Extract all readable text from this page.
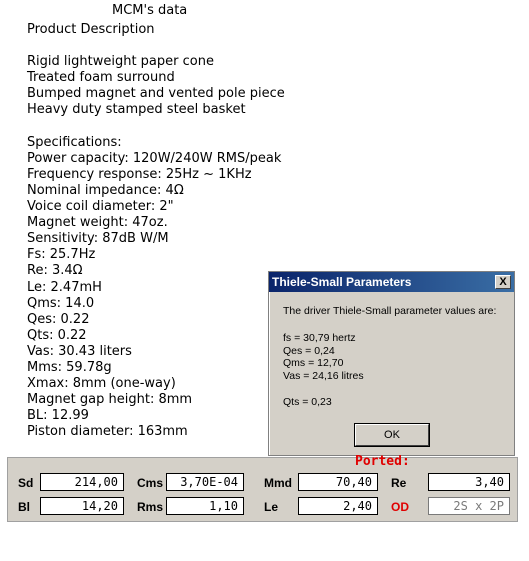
MCM's data
Product Description
Rigid lightweight paper cone
Treated foam surround
Bumped magnet and vented pole piece
Heavy duty stamped steel basket
Specifications:
Power capacity: 120W/240W RMS/peak
Frequency response: 25Hz ~ 1KHz
Nominal impedance: 4Ω
Voice coil diameter: 2"
Magnet weight: 47oz.
Sensitivity: 87dB W/M
Fs: 25.7Hz
Re: 3.4Ω
Le: 2.47mH
Qms: 14.0
Qes: 0.22
Qts: 0.22
Vas: 30.43 liters
Mms: 59.78g
Xmax: 8mm (one-way)
Magnet gap height: 8mm
BL: 12.99
Piston diameter: 163mm
Thiele-Small Parameters	X
The driver Thiele-Small parameter values are:
fs = 30,79 hertz
Qes = 0,24
Qms = 12,70
Vas = 24,16 litres
Qts = 0,23
OK
Ported:
Sd	214,00	Cms	3,70E-04	Mmd	70,40	Re	3,40
Bl	14,20	Rms	1,10	Le	2,40	OD	2S x 2P
